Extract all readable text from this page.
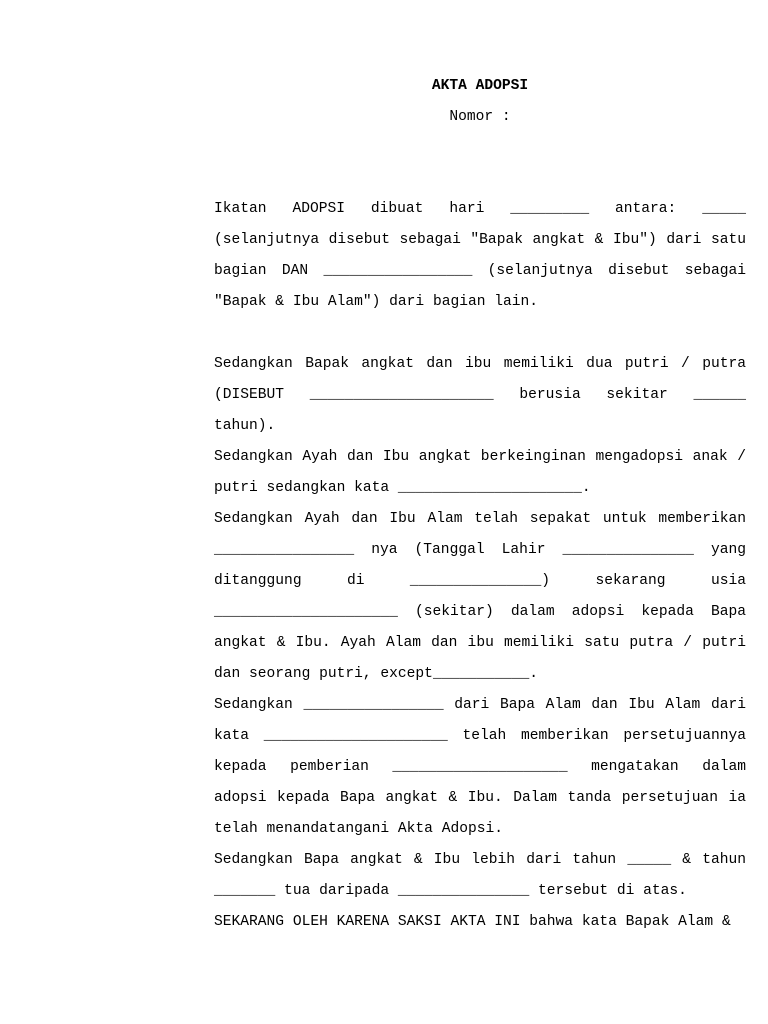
AKTA ADOPSI
Nomor :

Ikatan ADOPSI dibuat hari _________ antara: _____ (selanjutnya disebut sebagai "Bapak angkat & Ibu") dari satu bagian DAN _________________ (selanjutnya disebut sebagai "Bapak & Ibu Alam") dari bagian lain.

Sedangkan Bapak angkat dan ibu memiliki dua putri / putra (DISEBUT _____________________ berusia sekitar ______ tahun).

Sedangkan Ayah dan Ibu angkat berkeinginan mengadopsi anak / putri sedangkan kata _____________________.

Sedangkan Ayah dan Ibu Alam telah sepakat untuk memberikan ________________ nya (Tanggal Lahir _______________ yang ditanggung di _______________) sekarang usia _____________________ (sekitar) dalam adopsi kepada Bapa angkat & Ibu. Ayah Alam dan ibu memiliki satu putra / putri dan seorang putri, except___________.

Sedangkan ________________ dari Bapa Alam dan Ibu Alam dari kata _____________________ telah memberikan persetujuannya kepada pemberian ____________________ mengatakan dalam adopsi kepada Bapa angkat & Ibu. Dalam tanda persetujuan ia telah menandatangani Akta Adopsi.

Sedangkan Bapa angkat & Ibu lebih dari tahun _____ & tahun _______ tua daripada _______________ tersebut di atas.

SEKARANG OLEH KARENA SAKSI AKTA INI bahwa kata Bapak Alam &
